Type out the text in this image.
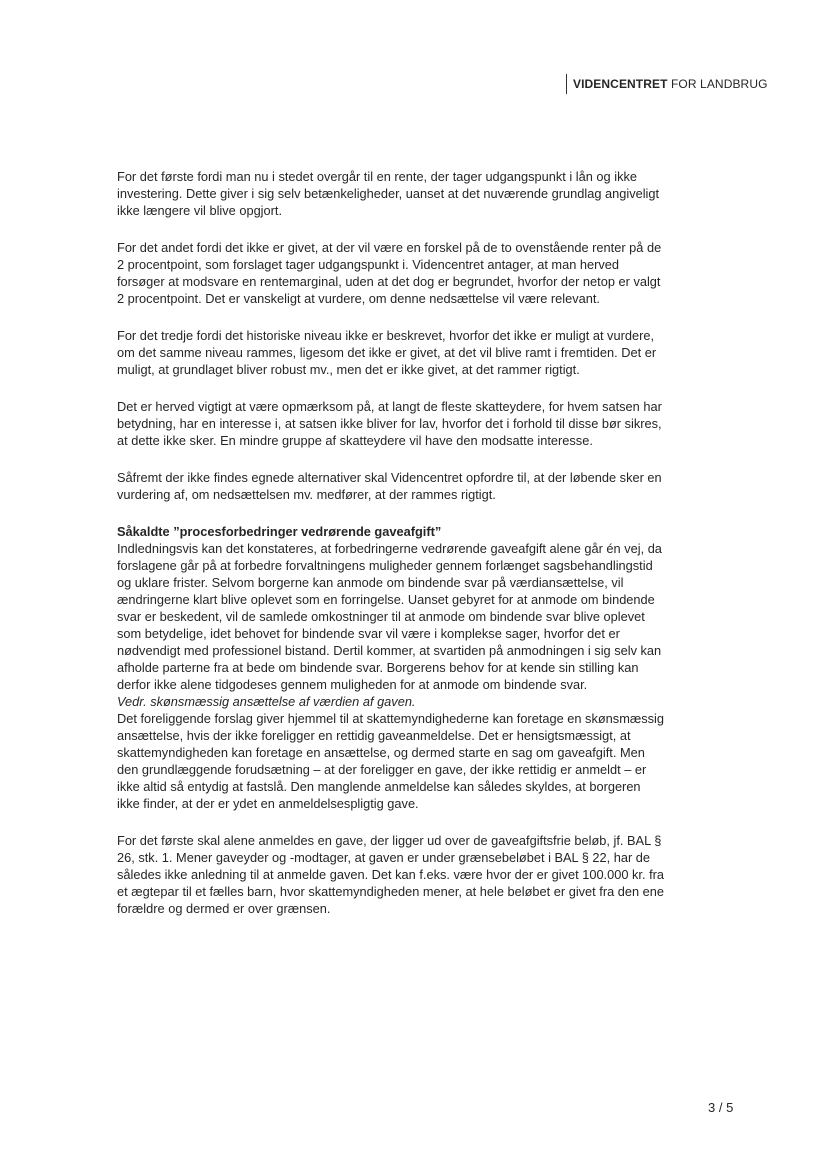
VIDENCENTRET FOR LANDBRUG

For det første fordi man nu i stedet overgår til en rente, der tager udgangspunkt i lån og ikke investering. Dette giver i sig selv betænkeligheder, uanset at det nuværende grundlag angiveligt ikke længere vil blive opgjort.

For det andet fordi det ikke er givet, at der vil være en forskel på de to ovenstående renter på de 2 procentpoint, som forslaget tager udgangspunkt i. Videncentret antager, at man herved forsøger at modsvare en rentemarginal, uden at det dog er begrundet, hvorfor der netop er valgt 2 procentpoint. Det er vanskeligt at vurdere, om denne nedsættelse vil være relevant.

For det tredje fordi det historiske niveau ikke er beskrevet, hvorfor det ikke er muligt at vurdere, om det samme niveau rammes, ligesom det ikke er givet, at det vil blive ramt i fremtiden. Det er muligt, at grundlaget bliver robust mv., men det er ikke givet, at det rammer rigtigt.

Det er herved vigtigt at være opmærksom på, at langt de fleste skatteydere, for hvem satsen har betydning, har en interesse i, at satsen ikke bliver for lav, hvorfor det i forhold til disse bør sikres, at dette ikke sker. En mindre gruppe af skatteydere vil have den modsatte interesse.

Såfremt der ikke findes egnede alternativer skal Videncentret opfordre til, at der løbende sker en vurdering af, om nedsættelsen mv. medfører, at der rammes rigtigt.

Såkaldte ”procesforbedringer vedrørende gaveafgift”

Indledningsvis kan det konstateres, at forbedringerne vedrørende gaveafgift alene går én vej, da forslagene går på at forbedre forvaltningens muligheder gennem forlænget sagsbehandlingstid og uklare frister. Selvom borgerne kan anmode om bindende svar på værdiansættelse, vil ændringerne klart blive oplevet som en forringelse. Uanset gebyret for at anmode om bindende svar er beskedent, vil de samlede omkostninger til at anmode om bindende svar blive oplevet som betydelige, idet behovet for bindende svar vil være i komplekse sager, hvorfor det er nødvendigt med professionel bistand. Dertil kommer, at svartiden på anmodningen i sig selv kan afholde parterne fra at bede om bindende svar. Borgerens behov for at kende sin stilling kan derfor ikke alene tidgodeses gennem muligheden for at anmode om bindende svar.

Vedr. skønsmæssig ansættelse af værdien af gaven.

Det foreliggende forslag giver hjemmel til at skattemyndighederne kan foretage en skønsmæssig ansættelse, hvis der ikke foreligger en rettidig gaveanmeldelse. Det er hensigtsmæssigt, at skattemyndigheden kan foretage en ansættelse, og dermed starte en sag om gaveafgift. Men den grundlæggende forudsætning – at der foreligger en gave, der ikke rettidig er anmeldt – er ikke altid så entydig at fastslå. Den manglende anmeldelse kan således skyldes, at borgeren ikke finder, at der er ydet en anmeldelsespligtig gave.

For det første skal alene anmeldes en gave, der ligger ud over de gaveafgiftsfrie beløb, jf. BAL § 26, stk. 1. Mener gaveyder og -modtager, at gaven er under grænsebeløbet i BAL § 22, har de således ikke anledning til at anmelde gaven. Det kan f.eks. være hvor der er givet 100.000 kr. fra et ægtepar til et fælles barn, hvor skattemyndigheden mener, at hele beløbet er givet fra den ene forældre og dermed er over grænsen.

3 / 5
